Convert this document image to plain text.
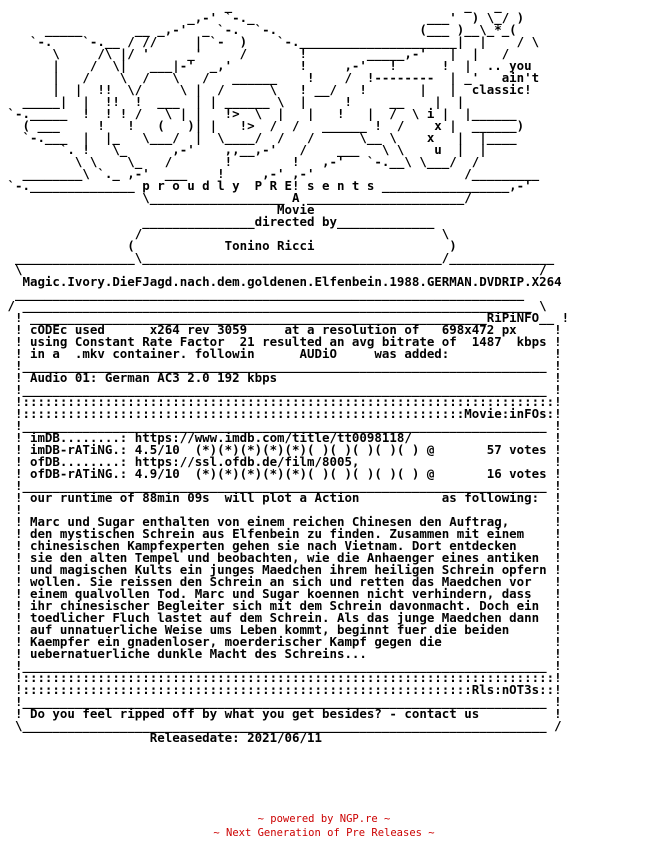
_                               _   _
_,-' `-._                       ___'  ) \_/ )
_____       __ _,-'  _ `-.  `-.                   (___ )__\_*_(
`-.    `-.__ / //     | `-  )    `-._____________________|  |    / \
\     /\ |/ '     _'     /       !        _____,-'   |  |   /
|    /  \|   ___|-'  _,'         !     ,-'   !      !  |  .. you
|   /    \  /   \   /   ______    !    /  !--------  | _'   ain't
|  |  !!  \/     \ |  /      \   ! __/   !       |   |  classic!
_____|  |  !!  !  ___  | | ______ \  |     !     __    |  |
`-._____  !  ! ! /   \ | |   !>  \  |   |   !   |  /  \ i |  |______
( ___     !   !   (   )| |   !>  /  /   ______ !  /    x |  ______)
`-.___  |  |_   \___/  |  \____/  /   /      \__ \    x   |  |____
`. !   \_      ,-'    ,,__,-'   /    ___   \ \    u  |  |
\ \    \_   /       !        !   ,-'   `-.__\ \___/  /
________\ `._ ,-'  ___    !     ,-' ,-'                    /_________
`-.______________ p r o u d l y  P R E! s e n t s _________________,-'
\__________________ A _____________________/
Movie
_______________directed by_____________
/                                        \
(            Tonino Ricci                  )
________________\________________________________________/______________
\                                                                     /
Magic.Ivory.DieFJagd.nach.dem.goldenen.Elfenbein.1988.GERMAN.DVDRIP.X264
____________________________________________________________________
/ ____________________________________________________________________ \
! _____________________________________________________________RiPiNFO__ !
! cODEc used      x264 rev 3059     at a resolution of   698x472 px     !
! using Constant Rate Factor  21 resulted an avg bitrate of  1487  kbps !
! in a  .mkv container. followin      AUDiO     was added:              !
!______________________________________________________________________ !
! Audio 01: German AC3 2.0 192 kbps                                     !
!______________________________________________________________________ !
!:::::::::::::::::::::::::::::::::::::::::::::::::::::::::::::::::::::::!
!:::::::::::::::::::::::::::::::::::::::::::::::::::::::::::Movie:inFOs:!
!______________________________________________________________________ !
! imDB........: https://www.imdb.com/title/tt0098118/                   !
! imDB-rATiNG.: 4.5/10  (*)(*)(*)(*)(*)( )( )( )( )( ) @       57 votes !
! ofDB........: https://ssl.ofdb.de/film/8005,                          !
! ofDB-rATiNG.: 4.9/10  (*)(*)(*)(*)(*)( )( )( )( )( ) @       16 votes !
!______________________________________________________________________ !
! our runtime of 88min 09s  will plot a Action           as following:  !
!                                                                       !
! Marc und Sugar enthalten von einem reichen Chinesen den Auftrag,      !
! den mystischen Schrein aus Elfenbein zu finden. Zusammen mit einem    !
! chinesischen Kampfexperten gehen sie nach Vietnam. Dort entdecken     !
! sie den alten Tempel und beobachten, wie die Anhaenger eines antiken  !
! und magischen Kults ein junges Maedchen ihrem heiligen Schrein opfern !
! wollen. Sie reissen den Schrein an sich und retten das Maedchen vor   !
! einem qualvollen Tod. Marc und Sugar koennen nicht verhindern, dass   !
! ihr chinesischer Begleiter sich mit dem Schrein davonmacht. Doch ein  !
! toedlicher Fluch lastet auf dem Schrein. Als das junge Maedchen dann  !
! auf unnatuerliche Weise ums Leben kommt, beginnt fuer die beiden      !
! Kaempfer ein gnadenloser, moerderischer Kampf gegen die               !
! uebernatuerliche dunkle Macht des Schreins...                         !
!______________________________________________________________________ !
!:::::::::::::::::::::::::::::::::::::::::::::::::::::::::::::::::::::::!
!::::::::::::::::::::::::::::::::::::::::::::::::::::::::::::Rls:nOT3s::!
!______________________________________________________________________ !
! Do you feel ripped off by what you get besides? - contact us          !
\______________________________________________________________________ /
Releasedate: 2021/06/11

~ powered by NGP.re ~
~ Next Generation of Pre Releases ~
